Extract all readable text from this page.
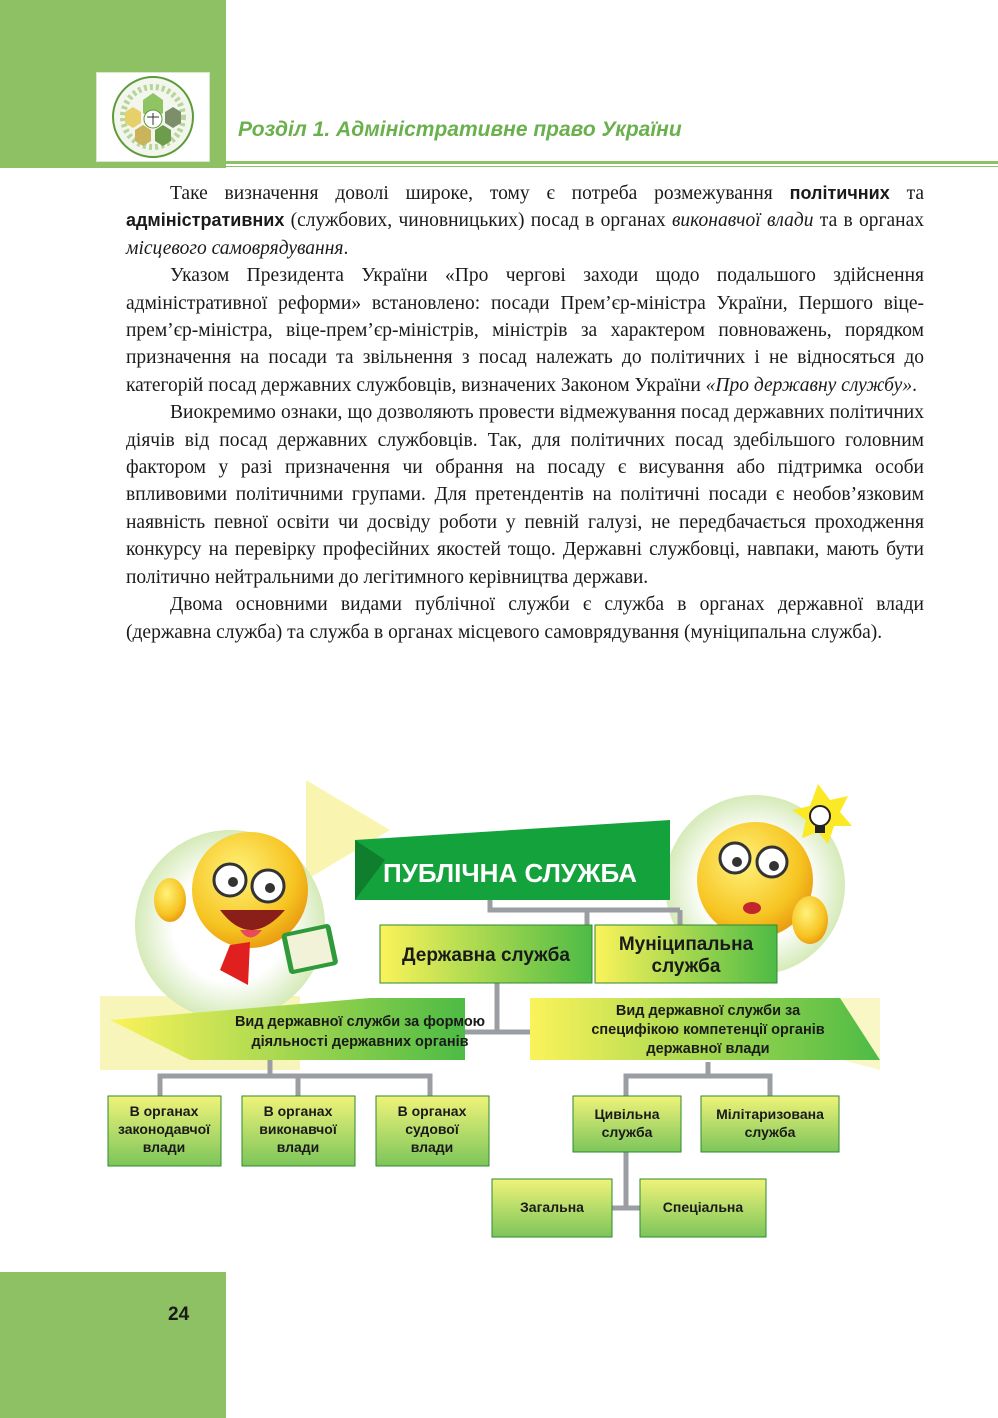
Розділ 1. Адміністративне право України

Таке визначення доволі широке, тому є потреба розмежування політичних та адміністративних (службових, чиновницьких) посад в органах виконавчої влади та в органах місцевого самоврядування.

Указом Президента України «Про чергові заходи щодо подальшого здійснення адміністративної реформи» встановлено: посади Прем’єр-міністра України, Першого віце-прем’єр-міністра, віце-прем’єр-міністрів, міністрів за характером повноважень, порядком призначення на посади та звільнення з посад належать до політичних і не відносяться до категорій посад державних службовців, визначених Законом України «Про державну службу».

Виокремимо ознаки, що дозволяють провести відмежування посад державних політичних діячів від посад державних службовців. Так, для політичних посад здебільшого головним фактором у разі призначення чи обрання на посаду є висування або підтримка особи впливовими політичними групами. Для претендентів на політичні посади є необов’язковим наявність певної освіти чи досвіду роботи у певній галузі, не передбачається проходження конкурсу на перевірку професійних якостей тощо. Державні службовці, навпаки, мають бути політично нейтральними до легітимного керівництва держави.

Двома основними видами публічної служби є служба в органах державної влади (державна служба) та служба в органах місцевого самоврядування (муніципальна служба).

ПУБЛІЧНА СЛУЖБА
Державна служба
Муніципальна
служба
Вид державної служби за формою
діяльності державних органів
Вид державної служби за
специфікою компетенції органів
державної влади
В органах
законодавчої
влади
В органах
виконавчої
влади
В органах
судової
влади
Цивільна
служба
Мілітаризована
служба
Загальна	Спеціальна
24
